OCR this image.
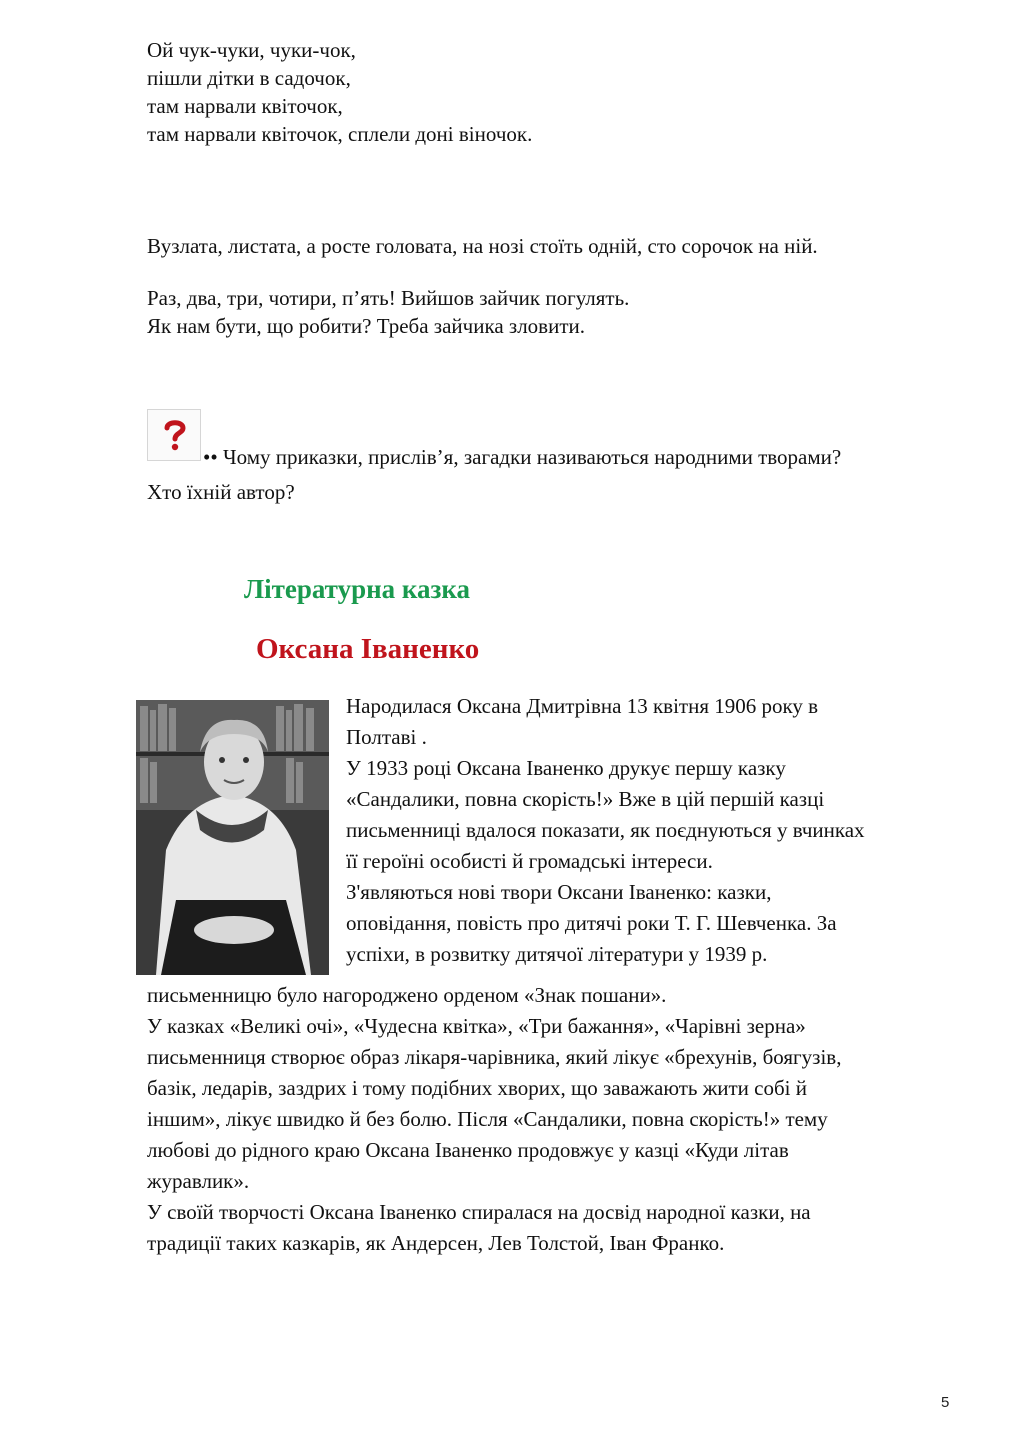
Ой чук-чуки, чуки-чок,
пішли дітки в садочок,
там нарвали квіточок,
там нарвали квіточок, сплели доні віночок.
Вузлата, листата, а росте головата, на нозі стоїть одній, сто сорочок на ній.
Раз, два, три, чотири, п’ять! Вийшов зайчик погулять.
Як нам бути, що робити? Треба зайчика зловити.
•• Чому приказки, прислів’я, загадки називаються народними творами?
Хто їхній автор?
Літературна казка
Оксана Іваненко
Народилася Оксана Дмитрівна 13 квітня 1906 року в
Полтаві .
У 1933 році Оксана Іваненко друкує першу казку
«Сандалики, повна скорість!» Вже в цій першій казці
письменниці вдалося показати, як поєднуються у вчинках
її героїні особисті й громадські інтереси.
З'являються нові твори Оксани Іваненко: казки,
оповідання, повість про дитячі роки Т. Г. Шевченка. За
успіхи, в розвитку дитячої літератури у 1939 р.
письменницю було нагороджено орденом «Знак пошани».
У казках «Великі очі», «Чудесна квітка», «Три бажання», «Чарівні зерна»
письменниця створює образ лікаря-чарівника, який лікує «брехунів, боягузів,
базік, ледарів, заздрих і тому подібних хворих, що заважають жити собі й
іншим», лікує швидко й без болю. Після «Сандалики, повна скорість!» тему
любові до рідного краю Оксана Іваненко продовжує у казці «Куди літав
журавлик».
У своїй творчості Оксана Іваненко спиралася на досвід народної казки, на
традиції таких казкарів, як Андерсен, Лев Толстой, Іван Франко.
5
